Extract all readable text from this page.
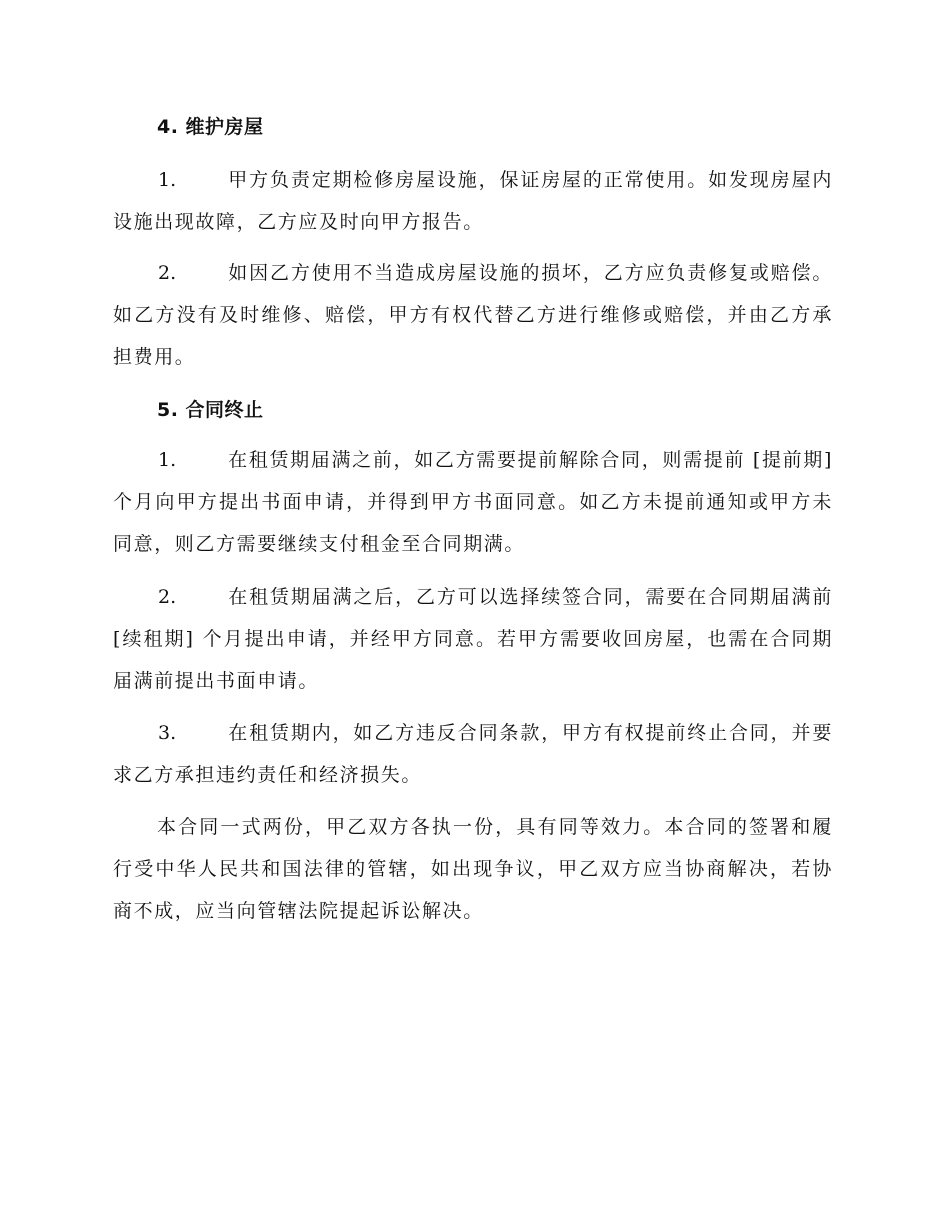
4. 维护房屋

1.	甲方负责定期检修房屋设施，保证房屋的正常使用。如发现房屋内设施出现故障，乙方应及时向甲方报告。

2.	如因乙方使用不当造成房屋设施的损坏，乙方应负责修复或赔偿。如乙方没有及时维修、赔偿，甲方有权代替乙方进行维修或赔偿，并由乙方承担费用。

5. 合同终止

1.	在租赁期届满之前，如乙方需要提前解除合同，则需提前 [提前期] 个月向甲方提出书面申请，并得到甲方书面同意。如乙方未提前通知或甲方未同意，则乙方需要继续支付租金至合同期满。

2.	在租赁期届满之后，乙方可以选择续签合同，需要在合同期届满前 [续租期] 个月提出申请，并经甲方同意。若甲方需要收回房屋，也需在合同期届满前提出书面申请。

3.	在租赁期内，如乙方违反合同条款，甲方有权提前终止合同，并要求乙方承担违约责任和经济损失。

本合同一式两份，甲乙双方各执一份，具有同等效力。本合同的签署和履行受中华人民共和国法律的管辖，如出现争议，甲乙双方应当协商解决，若协商不成，应当向管辖法院提起诉讼解决。
